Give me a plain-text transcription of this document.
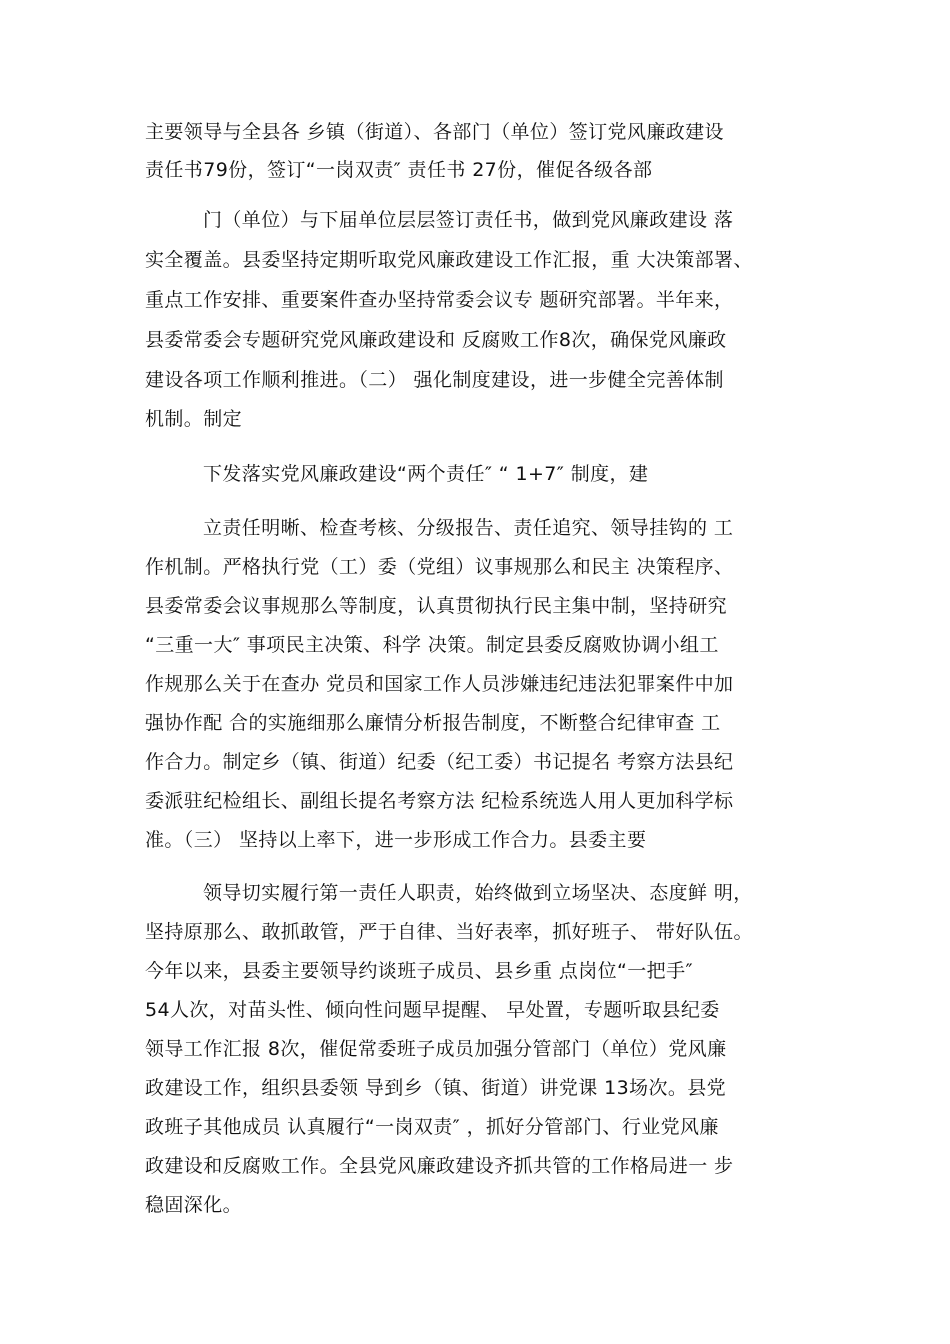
主要领导与全县各 乡镇（街道）、各部门（单位）签订党风廉政建设
责任书79份，签订“一岗双责″ 责任书 27份，催促各级各部
门（单位）与下届单位层层签订责任书，做到党风廉政建设 落
实全覆盖。县委坚持定期听取党风廉政建设工作汇报，重 大决策部署、
重点工作安排、重要案件查办坚持常委会议专 题研究部署。半年来，
县委常委会专题研究党风廉政建设和 反腐败工作8次，确保党风廉政
建设各项工作顺利推进。（二） 强化制度建设，进一步健全完善体制
机制。制定
下发落实党风廉政建设“两个责任″ “ 1+7″ 制度，建
立责任明晰、检查考核、分级报告、责任追究、领导挂钩的 工
作机制。严格执行党（工）委（党组）议事规那么和民主 决策程序、
县委常委会议事规那么等制度，认真贯彻执行民主集中制，坚持研究
“三重一大″ 事项民主决策、科学 决策。制定县委反腐败协调小组工
作规那么关于在查办 党员和国家工作人员涉嫌违纪违法犯罪案件中加
强协作配 合的实施细那么廉情分析报告制度，不断整合纪律审查 工
作合力。制定乡（镇、街道）纪委（纪工委）书记提名 考察方法县纪
委派驻纪检组长、副组长提名考察方法 纪检系统选人用人更加科学标
准。（三） 坚持以上率下，进一步形成工作合力。县委主要
领导切实履行第一责任人职责，始终做到立场坚决、态度鲜 明，
坚持原那么、敢抓敢管，严于自律、当好表率，抓好班子、 带好队伍。
今年以来，县委主要领导约谈班子成员、县乡重 点岗位“一把手″
54人次，对苗头性、倾向性问题早提醒、 早处置，专题听取县纪委
领导工作汇报 8次，催促常委班子成员加强分管部门（单位）党风廉
政建设工作，组织县委领 导到乡（镇、街道）讲党课 13场次。县党
政班子其他成员 认真履行“一岗双责″ ，抓好分管部门、行业党风廉
政建设和反腐败工作。全县党风廉政建设齐抓共管的工作格局进一 步
稳固深化。
